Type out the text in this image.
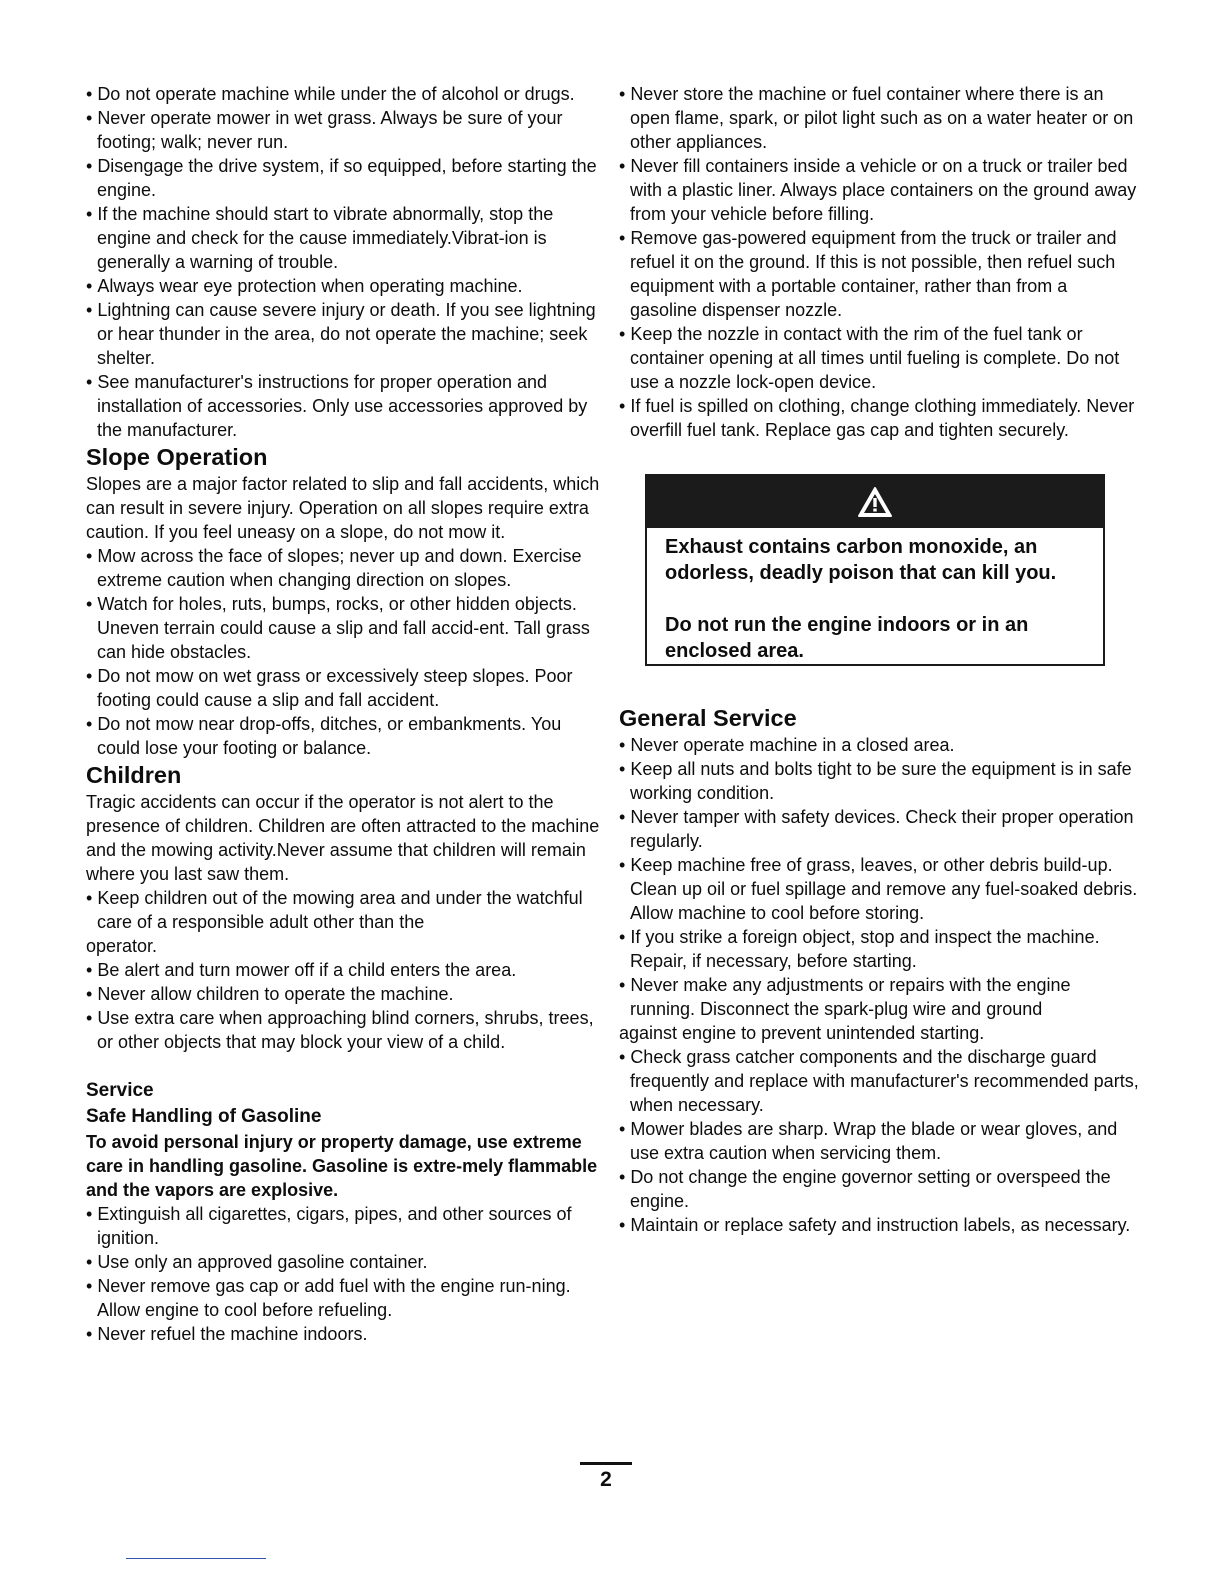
• Do not operate machine while under the of alcohol or drugs.
• Never operate mower in wet grass. Always be sure of your footing; walk; never run.
• Disengage the drive system, if so equipped, before starting the engine.
• If the machine should start to vibrate abnormally, stop the engine and check for the cause immediately.Vibrat-ion is generally a warning of trouble.
• Always wear eye protection when operating machine.
• Lightning can cause severe injury or death. If you see lightning or hear thunder in the area, do not operate the machine; seek shelter.
• See manufacturer's instructions for proper operation and installation of accessories. Only use accessories approved by the manufacturer.
Slope Operation
Slopes are a major factor related to slip and fall accidents, which can result in severe injury. Operation on all slopes require extra caution. If you feel uneasy on a slope, do not mow it.
• Mow across the face of slopes; never up and down. Exercise extreme caution when changing direction on slopes.
• Watch for holes, ruts, bumps, rocks, or other hidden objects. Uneven terrain could cause a slip and fall accid-ent. Tall grass can hide obstacles.
• Do not mow on wet grass or excessively steep slopes. Poor footing could cause a slip and fall accident.
• Do not mow near drop-offs, ditches, or embankments. You could lose your footing or balance.
Children
Tragic accidents can occur if the operator is not alert to the presence of children. Children are often attracted to the machine and the mowing activity.Never assume that children will remain where you last saw them.
• Keep children out of the mowing area and under the watchful care of a responsible adult other than the
operator.
• Be alert and turn mower off if a child enters the area.
• Never allow children to operate the machine.
• Use extra care when approaching blind corners, shrubs, trees, or other objects that may block your view of a child.
Service
Safe Handling of Gasoline
To avoid personal injury or property damage, use extreme care in handling gasoline. Gasoline is extre-mely flammable and the vapors are explosive.
• Extinguish all cigarettes, cigars, pipes, and other sources of ignition.
• Use only an approved gasoline container.
• Never remove gas cap or add fuel with the engine run-ning. Allow engine to cool before refueling.
• Never refuel the machine indoors.
• Never store the machine or fuel container where there is an open flame, spark, or pilot light such as on a water heater or on other appliances.
• Never fill containers inside a vehicle or on a truck or trailer bed with a plastic liner. Always place containers on the ground away from your vehicle before filling.
• Remove gas-powered equipment from the truck or trailer and refuel it on the ground. If this is not possible, then refuel such equipment with a portable container, rather than from a gasoline dispenser nozzle.
• Keep the nozzle in contact with the rim of the fuel tank or container opening at all times until fueling is complete. Do not use a nozzle lock-open device.
• If fuel is spilled on clothing, change clothing immediately. Never overfill fuel tank. Replace gas cap and tighten securely.

Exhaust contains carbon monoxide, an odorless, deadly poison that can kill you.

Do not run the engine indoors or in an enclosed area.

General Service
• Never operate machine in a closed area.
• Keep all nuts and bolts tight to be sure the equipment is in safe working condition.
• Never tamper with safety devices. Check their proper operation regularly.
• Keep machine free of grass, leaves, or other debris build-up. Clean up oil or fuel spillage and remove any fuel-soaked debris. Allow machine to cool before storing.
• If you strike a foreign object, stop and inspect the machine. Repair, if necessary, before starting.
• Never make any adjustments or repairs with the engine running. Disconnect the spark-plug wire and ground
against engine to prevent unintended starting.
• Check grass catcher components and the discharge guard frequently and replace with manufacturer's recommended parts, when necessary.
• Mower blades are sharp. Wrap the blade or wear gloves, and use extra caution when servicing them.
• Do not change the engine governor setting or overspeed the engine.
• Maintain or replace safety and instruction labels, as necessary.
2
